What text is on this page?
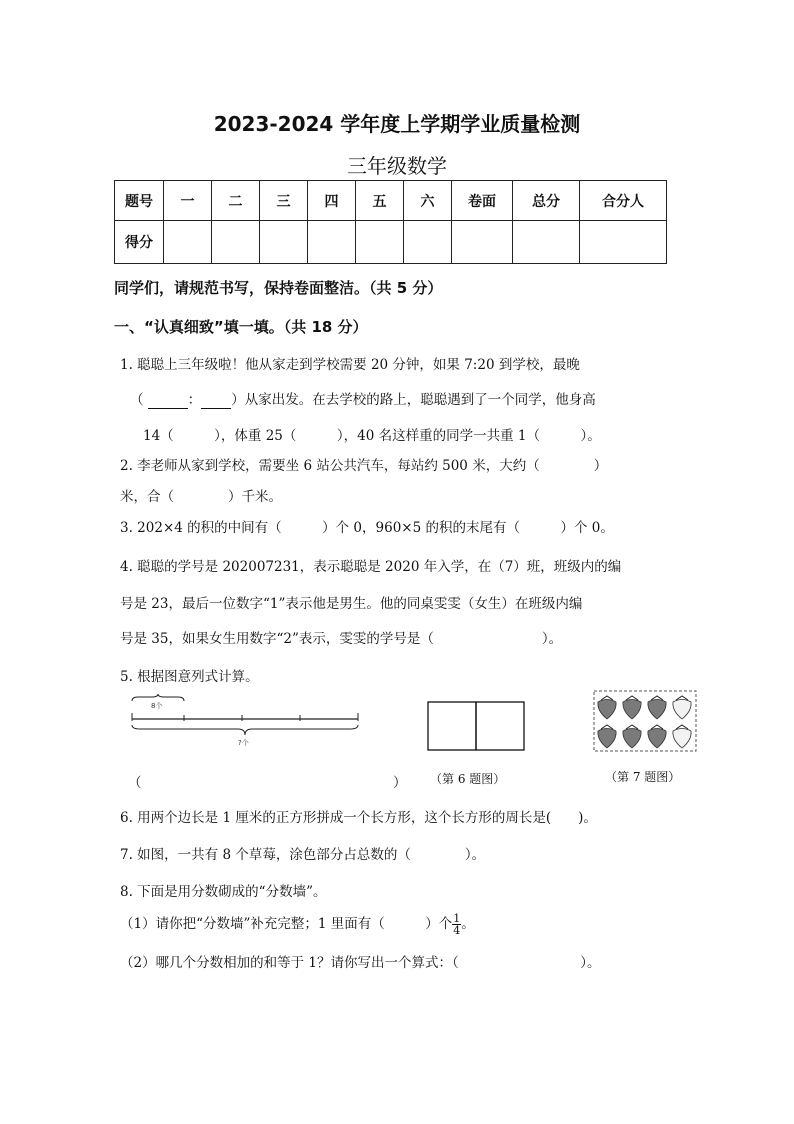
2023-2024 学年度上学期学业质量检测
三年级数学
题号	一	二	三	四	五	六	卷面	总分	合分人
得分									
同学们，请规范书写，保持卷面整洁。（共 5 分）
一、“认真细致”填一填。（共 18 分）
1. 聪聪上三年级啦！他从家走到学校需要 20 分钟，如果 7:20 到学校，最晚
（	： ）从家出发。在去学校的路上，聪聪遇到了一个同学，他身高
14（　　　），体重 25（　　　），40 名这样重的同学一共重 1（　　　）。
2. 李老师从家到学校，需要坐 6 站公共汽车，每站约 500 米，大约（　　　　）
米，合（　　　　）千米。
3. 202×4 的积的中间有（　　　）个 0，960×5 的积的末尾有（　　　）个 0。
4. 聪聪的学号是 202007231，表示聪聪是 2020 年入学，在（7）班，班级内的编
号是 23，最后一位数字“1”表示他是男生。他的同桌雯雯（女生）在班级内编
号是 35，如果女生用数字“2”表示，雯雯的学号是（　　　　　　　　）。
5. 根据图意列式计算。
8个
?个
（	） （第 6 题图）	（第 7 题图）
6. 用两个边长是 1 厘米的正方形拼成一个长方形，这个长方形的周长是(　　)。
7. 如图，一共有 8 个草莓，涂色部分占总数的（　　　　）。
8. 下面是用分数砌成的“分数墙”。
（1）请你把“分数墙”补充完整；1 里面有（　　　）个 $\frac{1}{4}$ 。
（2）哪几个分数相加的和等于 1？请你写出一个算式：（　　　　　　　　　）。
